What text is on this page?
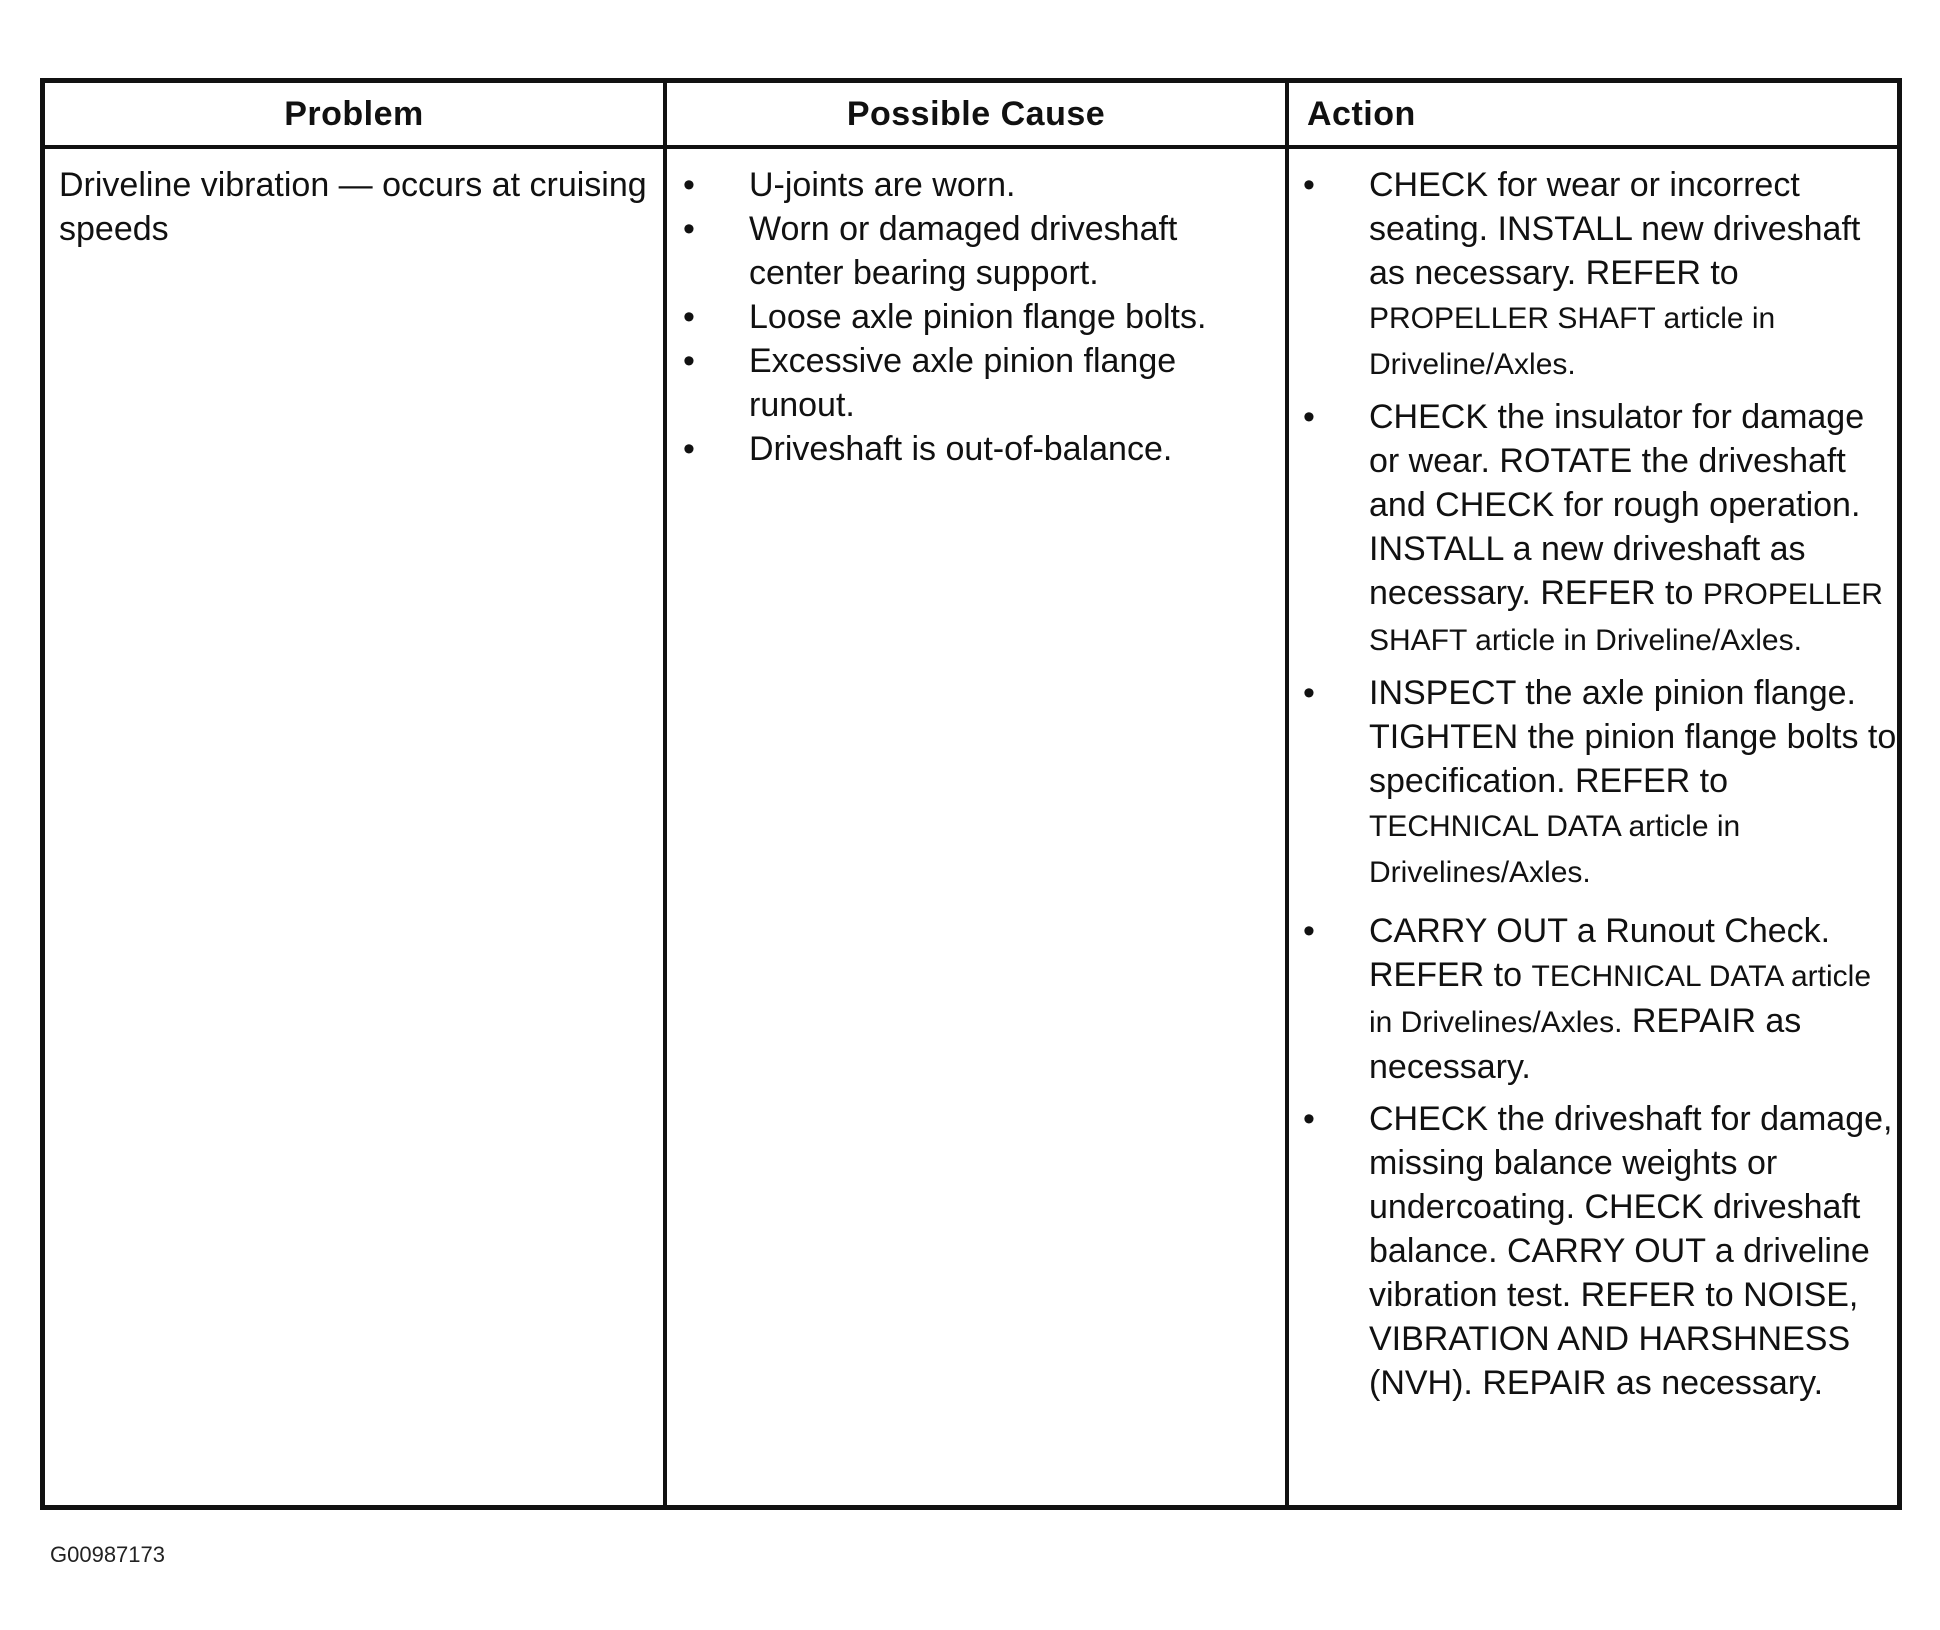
Problem	Possible Cause	Action
Driveline vibration — occurs at cruising speeds
• U-joints are worn.
• Worn or damaged driveshaft center bearing support.
• Loose axle pinion flange bolts.
• Excessive axle pinion flange runout.
• Driveshaft is out-of-balance.
• CHECK for wear or incorrect seating. INSTALL new driveshaft as necessary. REFER to PROPELLER SHAFT article in Driveline/Axles.
• CHECK the insulator for damage or wear. ROTATE the driveshaft and CHECK for rough operation. INSTALL a new driveshaft as necessary. REFER to PROPELLER SHAFT article in Driveline/Axles.
• INSPECT the axle pinion flange. TIGHTEN the pinion flange bolts to specification. REFER to TECHNICAL DATA article in Drivelines/Axles.
• CARRY OUT a Runout Check. REFER to TECHNICAL DATA article in Drivelines/Axles. REPAIR as necessary.
• CHECK the driveshaft for damage, missing balance weights or undercoating. CHECK driveshaft balance. CARRY OUT a driveline vibration test. REFER to NOISE, VIBRATION AND HARSHNESS (NVH). REPAIR as necessary.
G00987173
